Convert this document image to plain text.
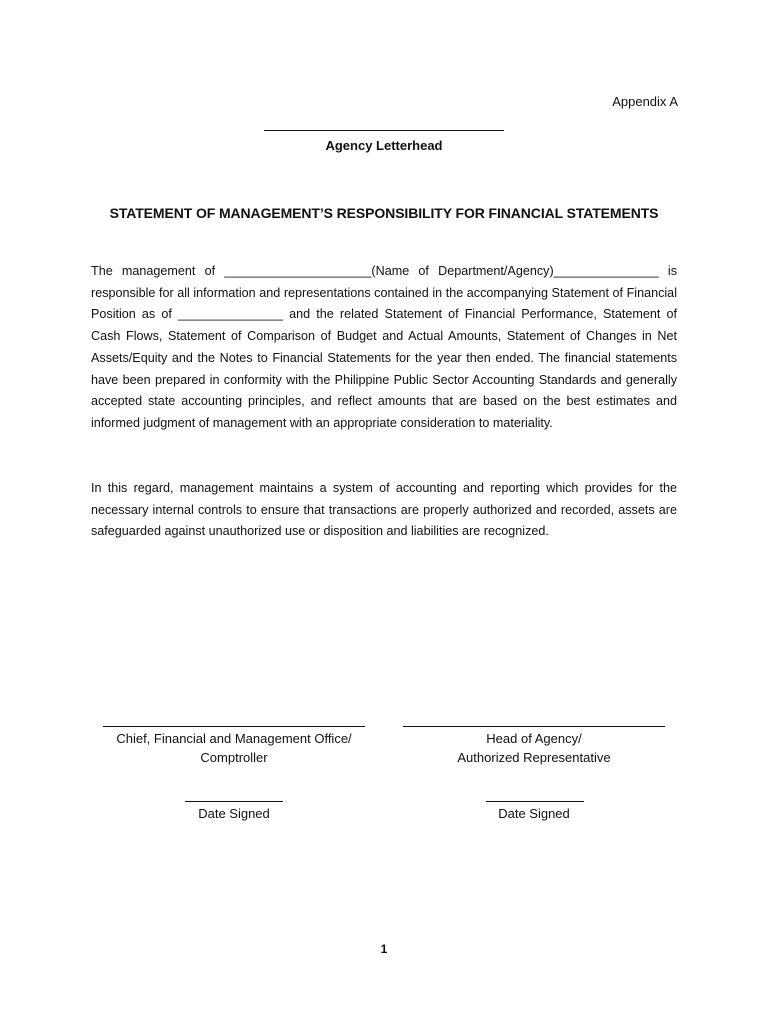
Appendix A
Agency Letterhead
STATEMENT OF MANAGEMENT’S RESPONSIBILITY FOR FINANCIAL STATEMENTS

The management of _____________________(Name of Department/Agency)_______________ is responsible for all information and representations contained in the accompanying Statement of Financial Position as of _______________ and the related Statement of Financial Performance, Statement of Cash Flows, Statement of Comparison of Budget and Actual Amounts, Statement of Changes in Net Assets/Equity and the Notes to Financial Statements for the year then ended. The financial statements have been prepared in conformity with the Philippine Public Sector Accounting Standards and generally accepted state accounting principles, and reflect amounts that are based on the best estimates and informed judgment of management with an appropriate consideration to materiality.

In this regard, management maintains a system of accounting and reporting which provides for the necessary internal controls to ensure that transactions are properly authorized and recorded, assets are safeguarded against unauthorized use or disposition and liabilities are recognized.

Chief, Financial and Management Office/
Comptroller
Date Signed
Head of Agency/
Authorized Representative
Date Signed
1
